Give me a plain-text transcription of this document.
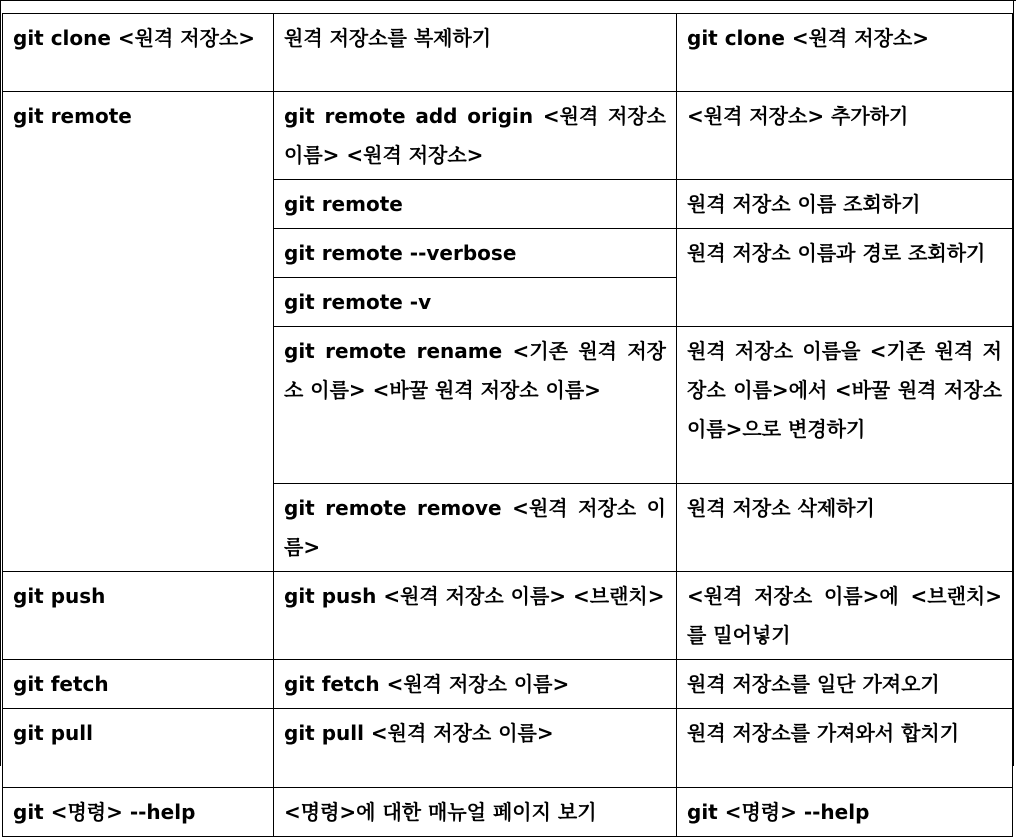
git clone <원격 저장소>	원격 저장소를 복제하기	git clone <원격 저장소>
git remote	git remote add origin <원격 저장소 이름> <원격 저장소>	<원격 저장소> 추가하기
	git remote	원격 저장소 이름 조회하기
	git remote --verbose	원격 저장소 이름과 경로 조회하기
	git remote -v	
	git remote rename <기존 원격 저장소 이름> <바꿀 원격 저장소 이름>	원격 저장소 이름을 <기존 원격 저장소 이름>에서 <바꿀 원격 저장소 이름>으로 변경하기
	git remote remove <원격 저장소 이름>	원격 저장소 삭제하기
git push	git push <원격 저장소 이름> <브랜치>	<원격 저장소 이름>에 <브랜치>를 밀어넣기
git fetch	git fetch <원격 저장소 이름>	원격 저장소를 일단 가져오기
git pull	git pull <원격 저장소 이름>	원격 저장소를 가져와서 합치기
git <명령> --help	<명령>에 대한 매뉴얼 페이지 보기	git <명령> --help
